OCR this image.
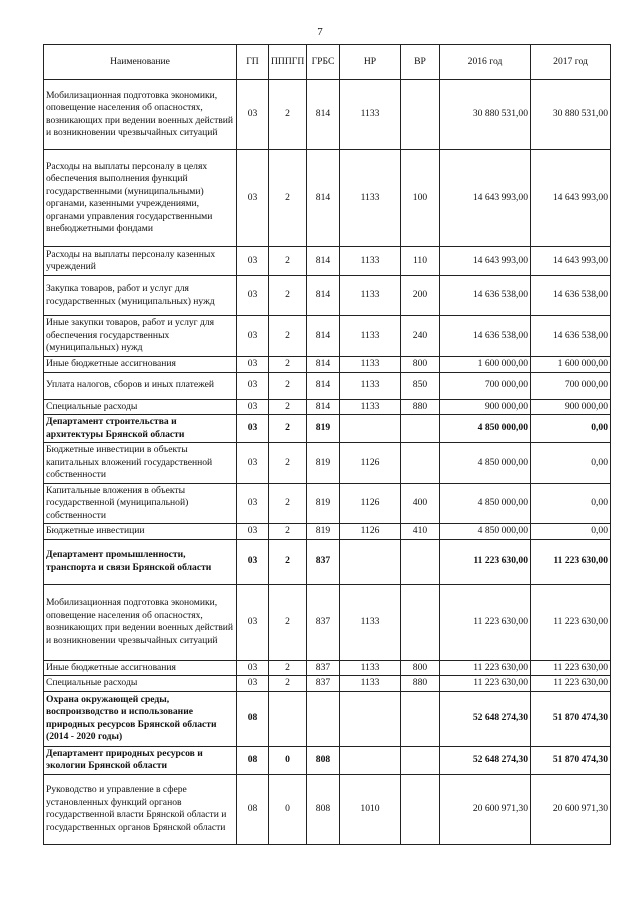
7
Наименование	ГП	ПППГП	ГРБС	НР	ВР	2016 год	2017 год
Мобилизационная подготовка экономики, оповещение населения об опасностях, возникающих при ведении военных действий и возникновении чрезвычайных ситуаций	03	2	814	1133		30 880 531,00	30 880 531,00
Расходы на выплаты персоналу в целях обеспечения выполнения функций государственными (муниципальными) органами, казенными учреждениями, органами управления государственными внебюджетными фондами	03	2	814	1133	100	14 643 993,00	14 643 993,00
Расходы на выплаты персоналу казенных учреждений	03	2	814	1133	110	14 643 993,00	14 643 993,00
Закупка товаров, работ и услуг для государственных (муниципальных) нужд	03	2	814	1133	200	14 636 538,00	14 636 538,00
Иные закупки товаров, работ и услуг для обеспечения государственных (муниципальных) нужд	03	2	814	1133	240	14 636 538,00	14 636 538,00
Иные бюджетные ассигнования	03	2	814	1133	800	1 600 000,00	1 600 000,00
Уплата налогов, сборов и иных платежей	03	2	814	1133	850	700 000,00	700 000,00
Специальные расходы	03	2	814	1133	880	900 000,00	900 000,00
Департамент строительства и архитектуры Брянской области	03	2	819			4 850 000,00	0,00
Бюджетные инвестиции в объекты капитальных вложений государственной собственности	03	2	819	1126		4 850 000,00	0,00
Капитальные вложения в объекты государственной (муниципальной) собственности	03	2	819	1126	400	4 850 000,00	0,00
Бюджетные инвестиции	03	2	819	1126	410	4 850 000,00	0,00
Департамент промышленности, транспорта и связи Брянской области	03	2	837			11 223 630,00	11 223 630,00
Мобилизационная подготовка экономики, оповещение населения об опасностях, возникающих при ведении военных действий и возникновении чрезвычайных ситуаций	03	2	837	1133		11 223 630,00	11 223 630,00
Иные бюджетные ассигнования	03	2	837	1133	800	11 223 630,00	11 223 630,00
Специальные расходы	03	2	837	1133	880	11 223 630,00	11 223 630,00
Охрана окружающей среды, воспроизводство и использование природных ресурсов Брянской области (2014 - 2020 годы)	08					52 648 274,30	51 870 474,30
Департамент природных ресурсов и экологии Брянской области	08	0	808			52 648 274,30	51 870 474,30
Руководство и управление в сфере установленных функций органов государственной власти Брянской области и государственных органов Брянской области	08	0	808	1010		20 600 971,30	20 600 971,30
